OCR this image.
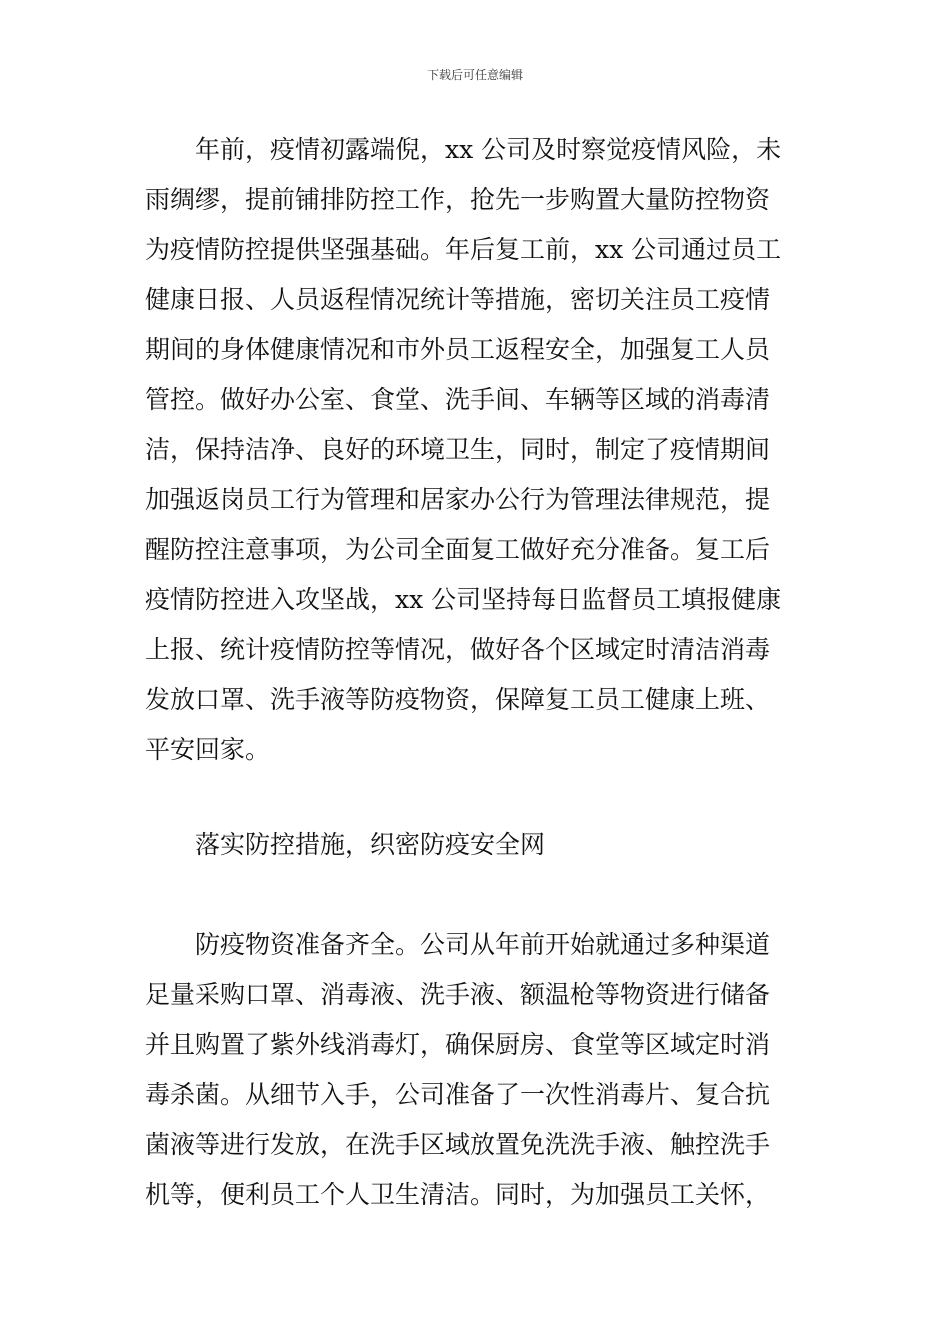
下载后可任意编辑
　　年前，疫情初露端倪，xx 公司及时察觉疫情风险，未
雨绸缪，提前铺排防控工作，抢先一步购置大量防控物资
为疫情防控提供坚强基础。年后复工前，xx 公司通过员工
健康日报、人员返程情况统计等措施，密切关注员工疫情
期间的身体健康情况和市外员工返程安全，加强复工人员
管控。做好办公室、食堂、洗手间、车辆等区域的消毒清
洁，保持洁净、良好的环境卫生，同时，制定了疫情期间
加强返岗员工行为管理和居家办公行为管理法律规范，提
醒防控注意事项，为公司全面复工做好充分准备。复工后
疫情防控进入攻坚战，xx 公司坚持每日监督员工填报健康
上报、统计疫情防控等情况，做好各个区域定时清洁消毒
发放口罩、洗手液等防疫物资，保障复工员工健康上班、
平安回家。
　　落实防控措施，织密防疫安全网
　　防疫物资准备齐全。公司从年前开始就通过多种渠道
足量采购口罩、消毒液、洗手液、额温枪等物资进行储备
并且购置了紫外线消毒灯，确保厨房、食堂等区域定时消
毒杀菌。从细节入手，公司准备了一次性消毒片、复合抗
菌液等进行发放，在洗手区域放置免洗洗手液、触控洗手
机等，便利员工个人卫生清洁。同时，为加强员工关怀，
